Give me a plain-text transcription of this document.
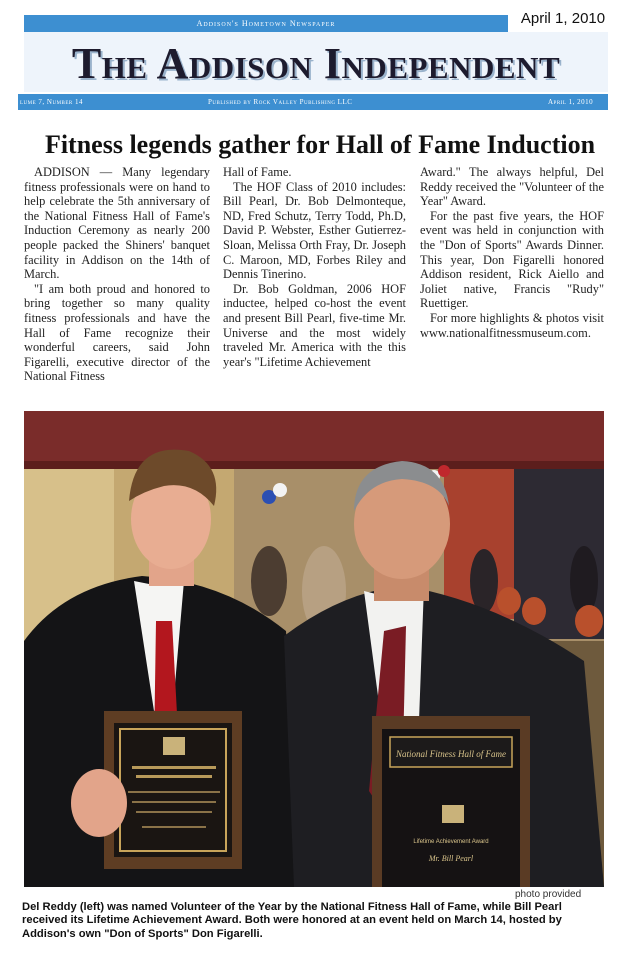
Addison's Hometown Newspaper	April 1, 2010
The Addison Independent
lume 7, Number 14	Published by Rock Valley Publishing LLC	April 1, 2010
Fitness legends gather for Hall of Fame Induction

ADDISON — Many legendary fitness professionals were on hand to help celebrate the 5th anniversary of the National Fitness Hall of Fame's Induction Ceremony as nearly 200 people packed the Shiners' banquet facility in Addison on the 14th of March.

"I am both proud and honored to bring together so many quality fitness professionals and have the Hall of Fame recognize their wonderful careers, said John Figarelli, executive director of the National Fitness

Hall of Fame.

The HOF Class of 2010 includes: Bill Pearl, Dr. Bob Delmonteque, ND, Fred Schutz, Terry Todd, Ph.D, David P. Webster, Esther Gutierrez-Sloan, Melissa Orth Fray, Dr. Joseph C. Maroon, MD, Forbes Riley and Dennis Tinerino.

Dr. Bob Goldman, 2006 HOF inductee, helped co-host the event and present Bill Pearl, five-time Mr. Universe and the most widely traveled Mr. America with the this year's "Lifetime Achievement

Award." The always helpful, Del Reddy received the "Volunteer of the Year" Award.

For the past five years, the HOF event was held in conjunction with the "Don of Sports" Awards Dinner. This year, Don Figarelli honored Addison resident, Rick Aiello and Joliet native, Francis "Rudy" Ruettiger.

For more highlights & photos visit www.nationalfitnessmuseum.com.

National Fitness Hall of Fame
Lifetime Achievement Award
Mr. Bill Pearl
photo provided
Del Reddy (left) was named Volunteer of the Year by the National Fitness Hall of Fame, while Bill Pearl received its Lifetime Achievement Award. Both were honored at an event held on March 14, hosted by Addison's own "Don of Sports" Don Figarelli.
